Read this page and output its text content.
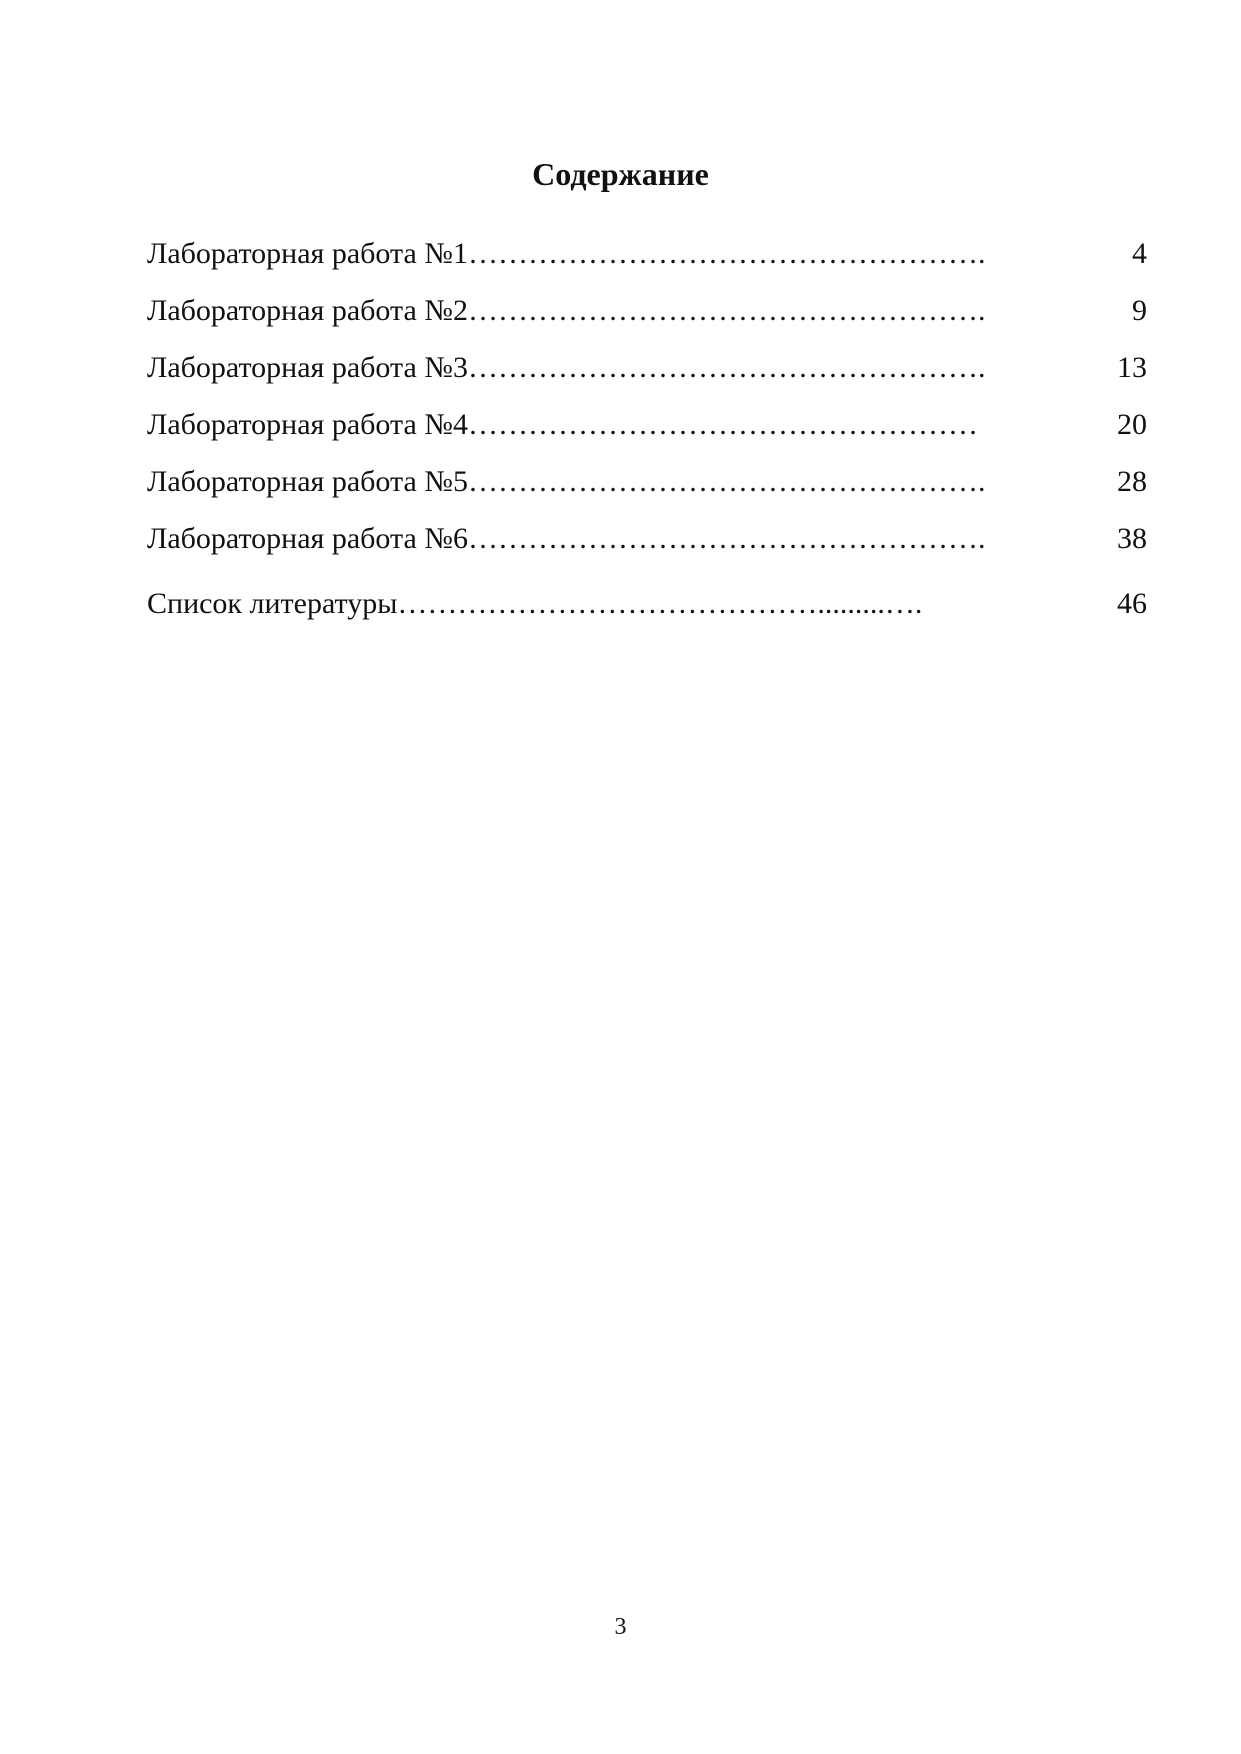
Содержание
Лабораторная работа №1…………………………………………….	4
Лабораторная работа №2…………………………………………….	9
Лабораторная работа №3…………………………………………….	13
Лабораторная работа №4……………………………………………	20
Лабораторная работа №5…………………………………………….	28
Лабораторная работа №6…………………………………………….	38
Список литературы…………………………………….........….	46
3
